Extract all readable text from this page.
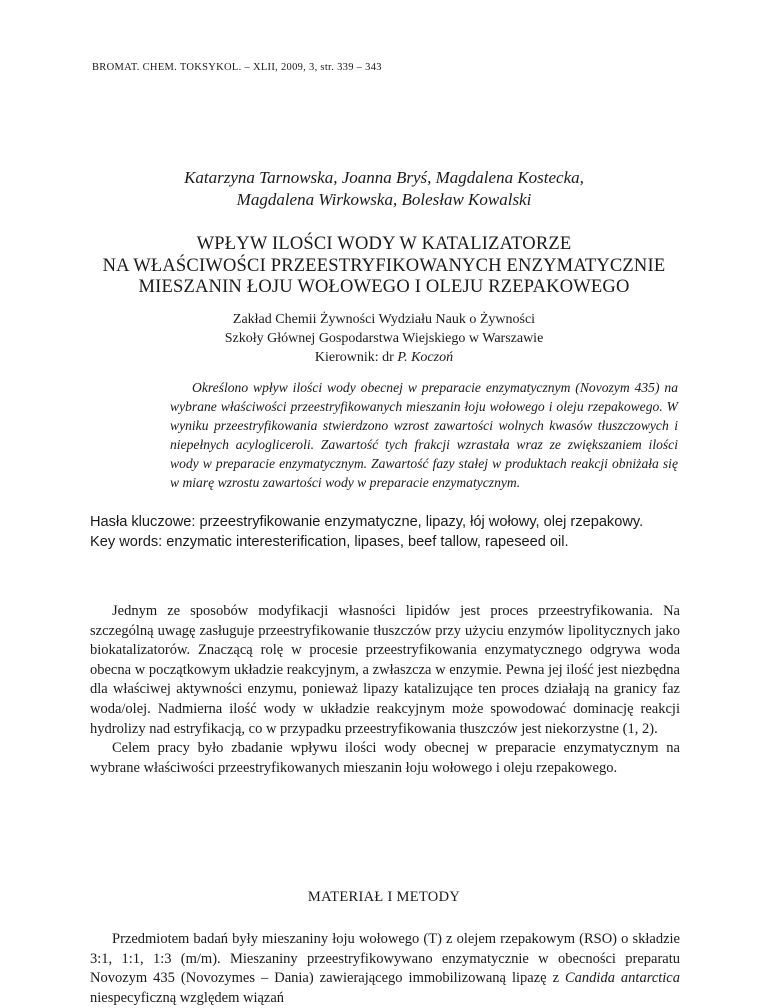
BROMAT. CHEM. TOKSYKOL. – XLII, 2009, 3, str. 339 – 343
Katarzyna Tarnowska, Joanna Bryś, Magdalena Kostecka,
Magdalena Wirkowska, Bolesław Kowalski
WPŁYW ILOŚCI WODY W KATALIZATORZE
NA WŁAŚCIWOŚCI PRZEESTRYFIKOWANYCH ENZYMATYCZNIE
MIESZANIN ŁOJU WOŁOWEGO I OLEJU RZEPAKOWEGO
Zakład Chemii Żywności Wydziału Nauk o Żywności
Szkoły Głównej Gospodarstwa Wiejskiego w Warszawie
Kierownik: dr P. Koczoń
Określono wpływ ilości wody obecnej w preparacie enzymatycznym (Novozym 435) na wybrane właściwości przeestryfikowanych mieszanin łoju wołowego i oleju rzepakowego. W wyniku przeestryfikowania stwierdzono wzrost zawartości wolnych kwasów tłuszczowych i niepełnych acylogliceroli. Zawartość tych frakcji wzrastała wraz ze zwiększaniem ilości wody w preparacie enzymatycznym. Zawartość fazy stałej w produktach reakcji obniżała się w miarę wzrostu zawartości wody w preparacie enzymatycznym.
Hasła kluczowe: przeestryfikowanie enzymatyczne, lipazy, łój wołowy, olej rzepakowy.
Key words: enzymatic interesterification, lipases, beef tallow, rapeseed oil.

Jednym ze sposobów modyfikacji własności lipidów jest proces przeestryfikowania. Na szczególną uwagę zasługuje przeestryfikowanie tłuszczów przy użyciu enzymów lipolitycznych jako biokatalizatorów. Znaczącą rolę w procesie przeestryfikowania enzymatycznego odgrywa woda obecna w początkowym układzie reakcyjnym, a zwłaszcza w enzymie. Pewna jej ilość jest niezbędna dla właściwej aktywności enzymu, ponieważ lipazy katalizujące ten proces działają na granicy faz woda/olej. Nadmierna ilość wody w układzie reakcyjnym może spowodować dominację reakcji hydrolizy nad estryfikacją, co w przypadku przeestryfikowania tłuszczów jest niekorzystne (1, 2).

Celem pracy było zbadanie wpływu ilości wody obecnej w preparacie enzymatycznym na wybrane właściwości przeestryfikowanych mieszanin łoju wołowego i oleju rzepakowego.

MATERIAŁ I METODY

Przedmiotem badań były mieszaniny łoju wołowego (T) z olejem rzepakowym (RSO) o składzie 3:1, 1:1, 1:3 (m/m). Mieszaniny przeestryfikowywano enzymatycznie w obecności preparatu Novozym 435 (Novozymes – Dania) zawierającego immobilizowaną lipazę z Candida antarctica niespecyficzną względem wiązań
